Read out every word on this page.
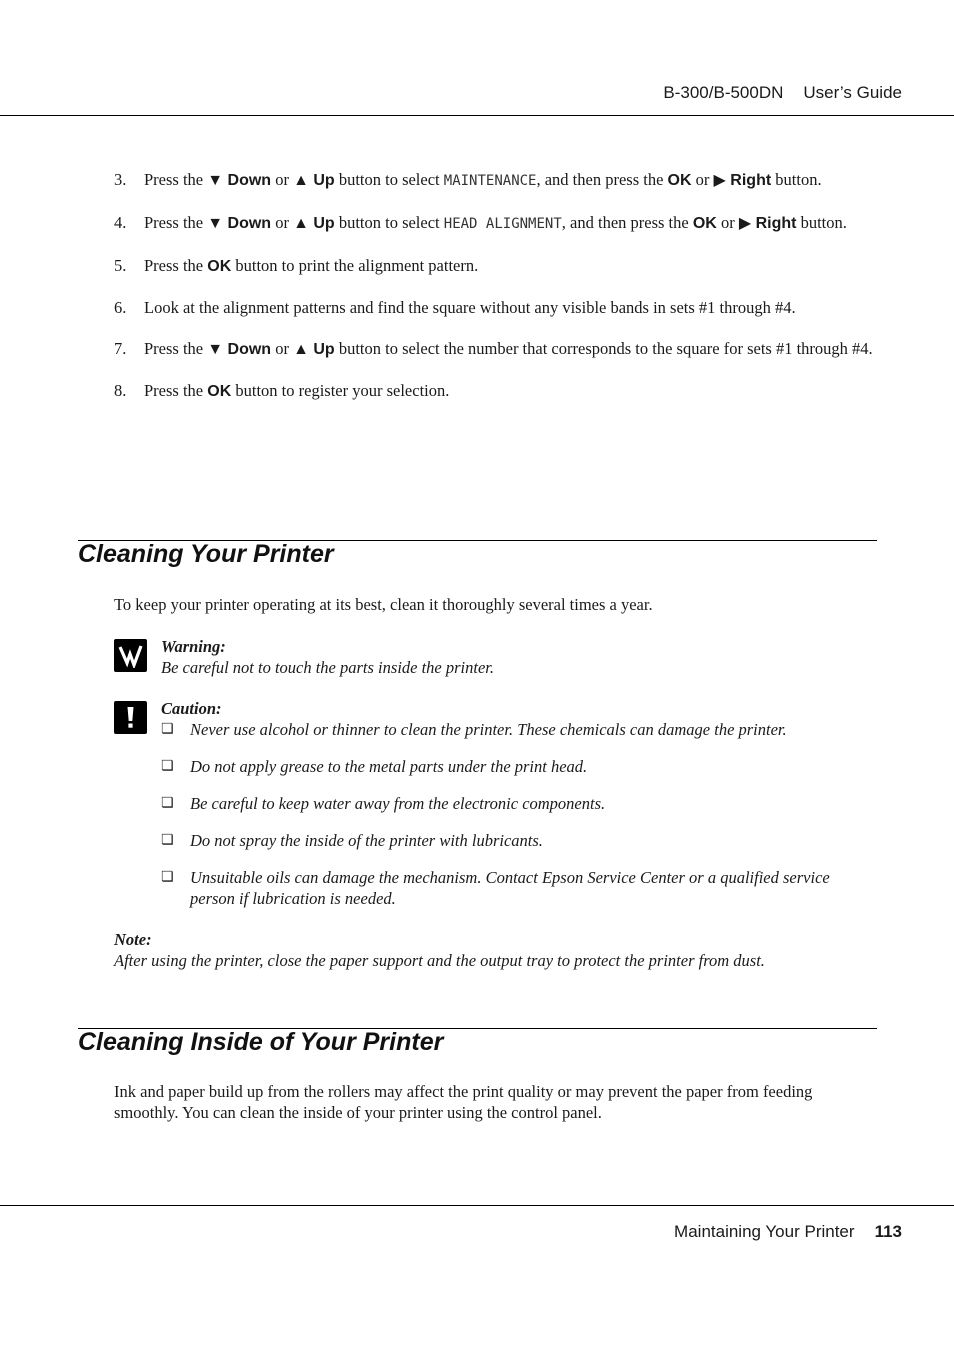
B-300/B-500DN User’s Guide
3.	Press the ▼ Down or ▲ Up button to select MAINTENANCE, and then press the OK or ▶ Right button.
4.	Press the ▼ Down or ▲ Up button to select HEAD ALIGNMENT, and then press the OK or ▶ Right button.
5.	Press the OK button to print the alignment pattern.
6.	Look at the alignment patterns and find the square without any visible bands in sets #1 through #4.
7.	Press the ▼ Down or ▲ Up button to select the number that corresponds to the square for sets #1 through #4.
8.	Press the OK button to register your selection.
Cleaning Your Printer

To keep your printer operating at its best, clean it thoroughly several times a year.

Warning:
Be careful not to touch the parts inside the printer.
Caution:
❏ Never use alcohol or thinner to clean the printer. These chemicals can damage the printer.
❏ Do not apply grease to the metal parts under the print head.
❏ Be careful to keep water away from the electronic components.
❏ Do not spray the inside of the printer with lubricants.
❏ Unsuitable oils can damage the mechanism. Contact Epson Service Center or a qualified service person if lubrication is needed.
Note:
After using the printer, close the paper support and the output tray to protect the printer from dust.
Cleaning Inside of Your Printer

Ink and paper build up from the rollers may affect the print quality or may prevent the paper from feeding smoothly. You can clean the inside of your printer using the control panel.

Maintaining Your Printer 113
